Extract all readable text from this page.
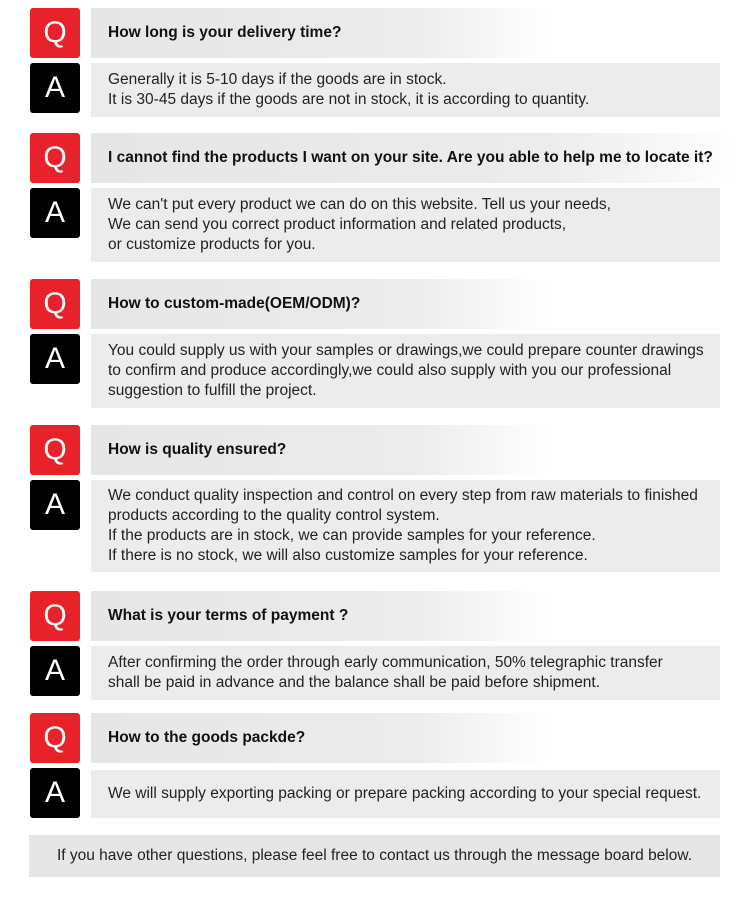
Q	How long is your delivery time?
A	Generally it is 5-10 days if the goods are in stock.
It is 30-45 days if the goods are not in stock, it is according to quantity.
Q	I cannot find the products I want on your site. Are you able to help me to locate it?
A	We can't put every product we can do on this website. Tell us your needs,
We can send you correct product information and related products,
or customize products for you.
Q	How to custom-made(OEM/ODM)?
A	You could supply us with your samples or drawings,we could prepare counter drawings
to confirm and produce accordingly,we could also supply with you our professional
suggestion to fulfill the project.
Q	How is quality ensured?
A	We conduct quality inspection and control on every step from raw materials to finished
products according to the quality control system.
If the products are in stock, we can provide samples for your reference.
If there is no stock, we will also customize samples for your reference.
Q	What is your terms of payment ?
A	After confirming the order through early communication, 50% telegraphic transfer
shall be paid in advance and the balance shall be paid before shipment.
Q	How to the goods packde?
A	We will supply exporting packing or prepare packing according to your special request.
If you have other questions, please feel free to contact us through the message board below.
